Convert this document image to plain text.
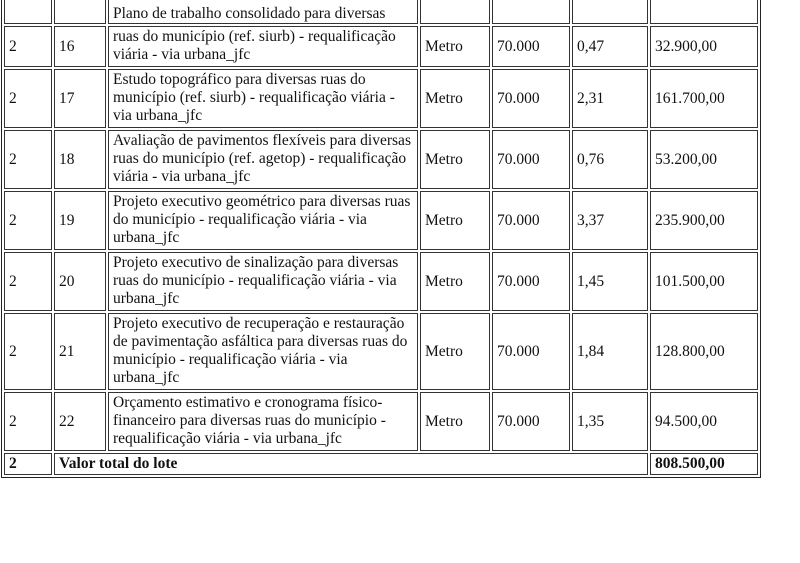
		Plano de trabalho consolidado para diversas				
2	16	ruas do município (ref. siurb) - requalificação viária - via urbana_jfc	Metro	70.000	0,47	32.900,00
2	17	Estudo topográfico para diversas ruas do município (ref. siurb) - requalificação viária - via urbana_jfc	Metro	70.000	2,31	161.700,00
2	18	Avaliação de pavimentos flexíveis para diversas ruas do município (ref. agetop) - requalificação viária - via urbana_jfc	Metro	70.000	0,76	53.200,00
2	19	Projeto executivo geométrico para diversas ruas do município - requalificação viária - via urbana_jfc	Metro	70.000	3,37	235.900,00
2	20	Projeto executivo de sinalização para diversas ruas do município - requalificação viária - via urbana_jfc	Metro	70.000	1,45	101.500,00
2	21	Projeto executivo de recuperação e restauração de pavimentação asfáltica para diversas ruas do município - requalificação viária - via urbana_jfc	Metro	70.000	1,84	128.800,00
2	22	Orçamento estimativo e cronograma físico-financeiro para diversas ruas do município - requalificação viária - via urbana_jfc	Metro	70.000	1,35	94.500,00
2	Valor total do lote					808.500,00
